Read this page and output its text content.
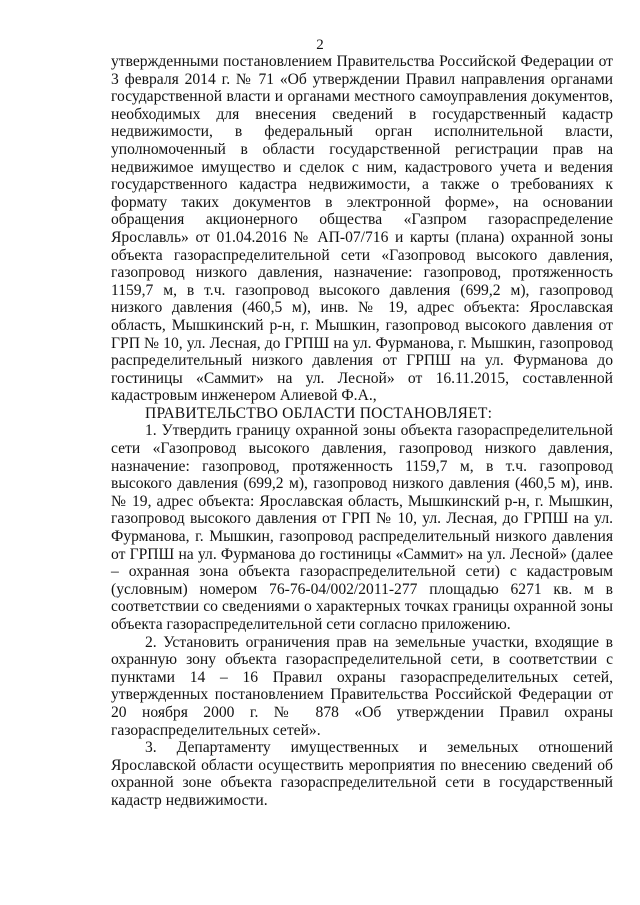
2

утвержденными постановлением Правительства Российской Федерации от 3 февраля 2014 г. № 71 «Об утверждении Правил направления органами государственной власти и органами местного самоуправления документов, необходимых для внесения сведений в государственный кадастр недвижимости, в федеральный орган исполнительной власти, уполномоченный в области государственной регистрации прав на недвижимое имущество и сделок с ним, кадастрового учета и ведения государственного кадастра недвижимости, а также о требованиях к формату таких документов в электронной форме», на основании обращения акционерного общества «Газпром газораспределение Ярославль» от 01.04.2016 № АП-07/716 и карты (плана) охранной зоны объекта газораспределительной сети «Газопровод высокого давления, газопровод низкого давления, назначение: газопровод, протяженность 1159,7 м, в т.ч. газопровод высокого давления (699,2 м), газопровод низкого давления (460,5 м), инв. № 19, адрес объекта: Ярославская область, Мышкинский р-н, г. Мышкин, газопровод высокого давления от ГРП № 10, ул. Лесная, до ГРПШ на ул. Фурманова, г. Мышкин, газопровод распределительный низкого давления от ГРПШ на ул. Фурманова до гостиницы «Саммит» на ул. Лесной» от 16.11.2015, составленной кадастровым инженером Алиевой Ф.А.,

ПРАВИТЕЛЬСТВО ОБЛАСТИ ПОСТАНОВЛЯЕТ:

1. Утвердить границу охранной зоны объекта газораспределительной сети «Газопровод высокого давления, газопровод низкого давления, назначение: газопровод, протяженность 1159,7 м, в т.ч. газопровод высокого давления (699,2 м), газопровод низкого давления (460,5 м), инв. № 19, адрес объекта: Ярославская область, Мышкинский р-н, г. Мышкин, газопровод высокого давления от ГРП № 10, ул. Лесная, до ГРПШ на ул. Фурманова, г. Мышкин, газопровод распределительный низкого давления от ГРПШ на ул. Фурманова до гостиницы «Саммит» на ул. Лесной» (далее – охранная зона объекта газораспределительной сети) с кадастровым (условным) номером 76-76-04/002/2011-277 площадью 6271 кв. м в соответствии со сведениями о характерных точках границы охранной зоны объекта газораспределительной сети согласно приложению.

2. Установить ограничения прав на земельные участки, входящие в охранную зону объекта газораспределительной сети, в соответствии с пунктами 14 – 16 Правил охраны газораспределительных сетей, утвержденных постановлением Правительства Российской Федерации от 20 ноября 2000 г. № 878 «Об утверждении Правил охраны газораспределительных сетей».

3. Департаменту имущественных и земельных отношений Ярославской области осуществить мероприятия по внесению сведений об охранной зоне объекта газораспределительной сети в государственный кадастр недвижимости.
